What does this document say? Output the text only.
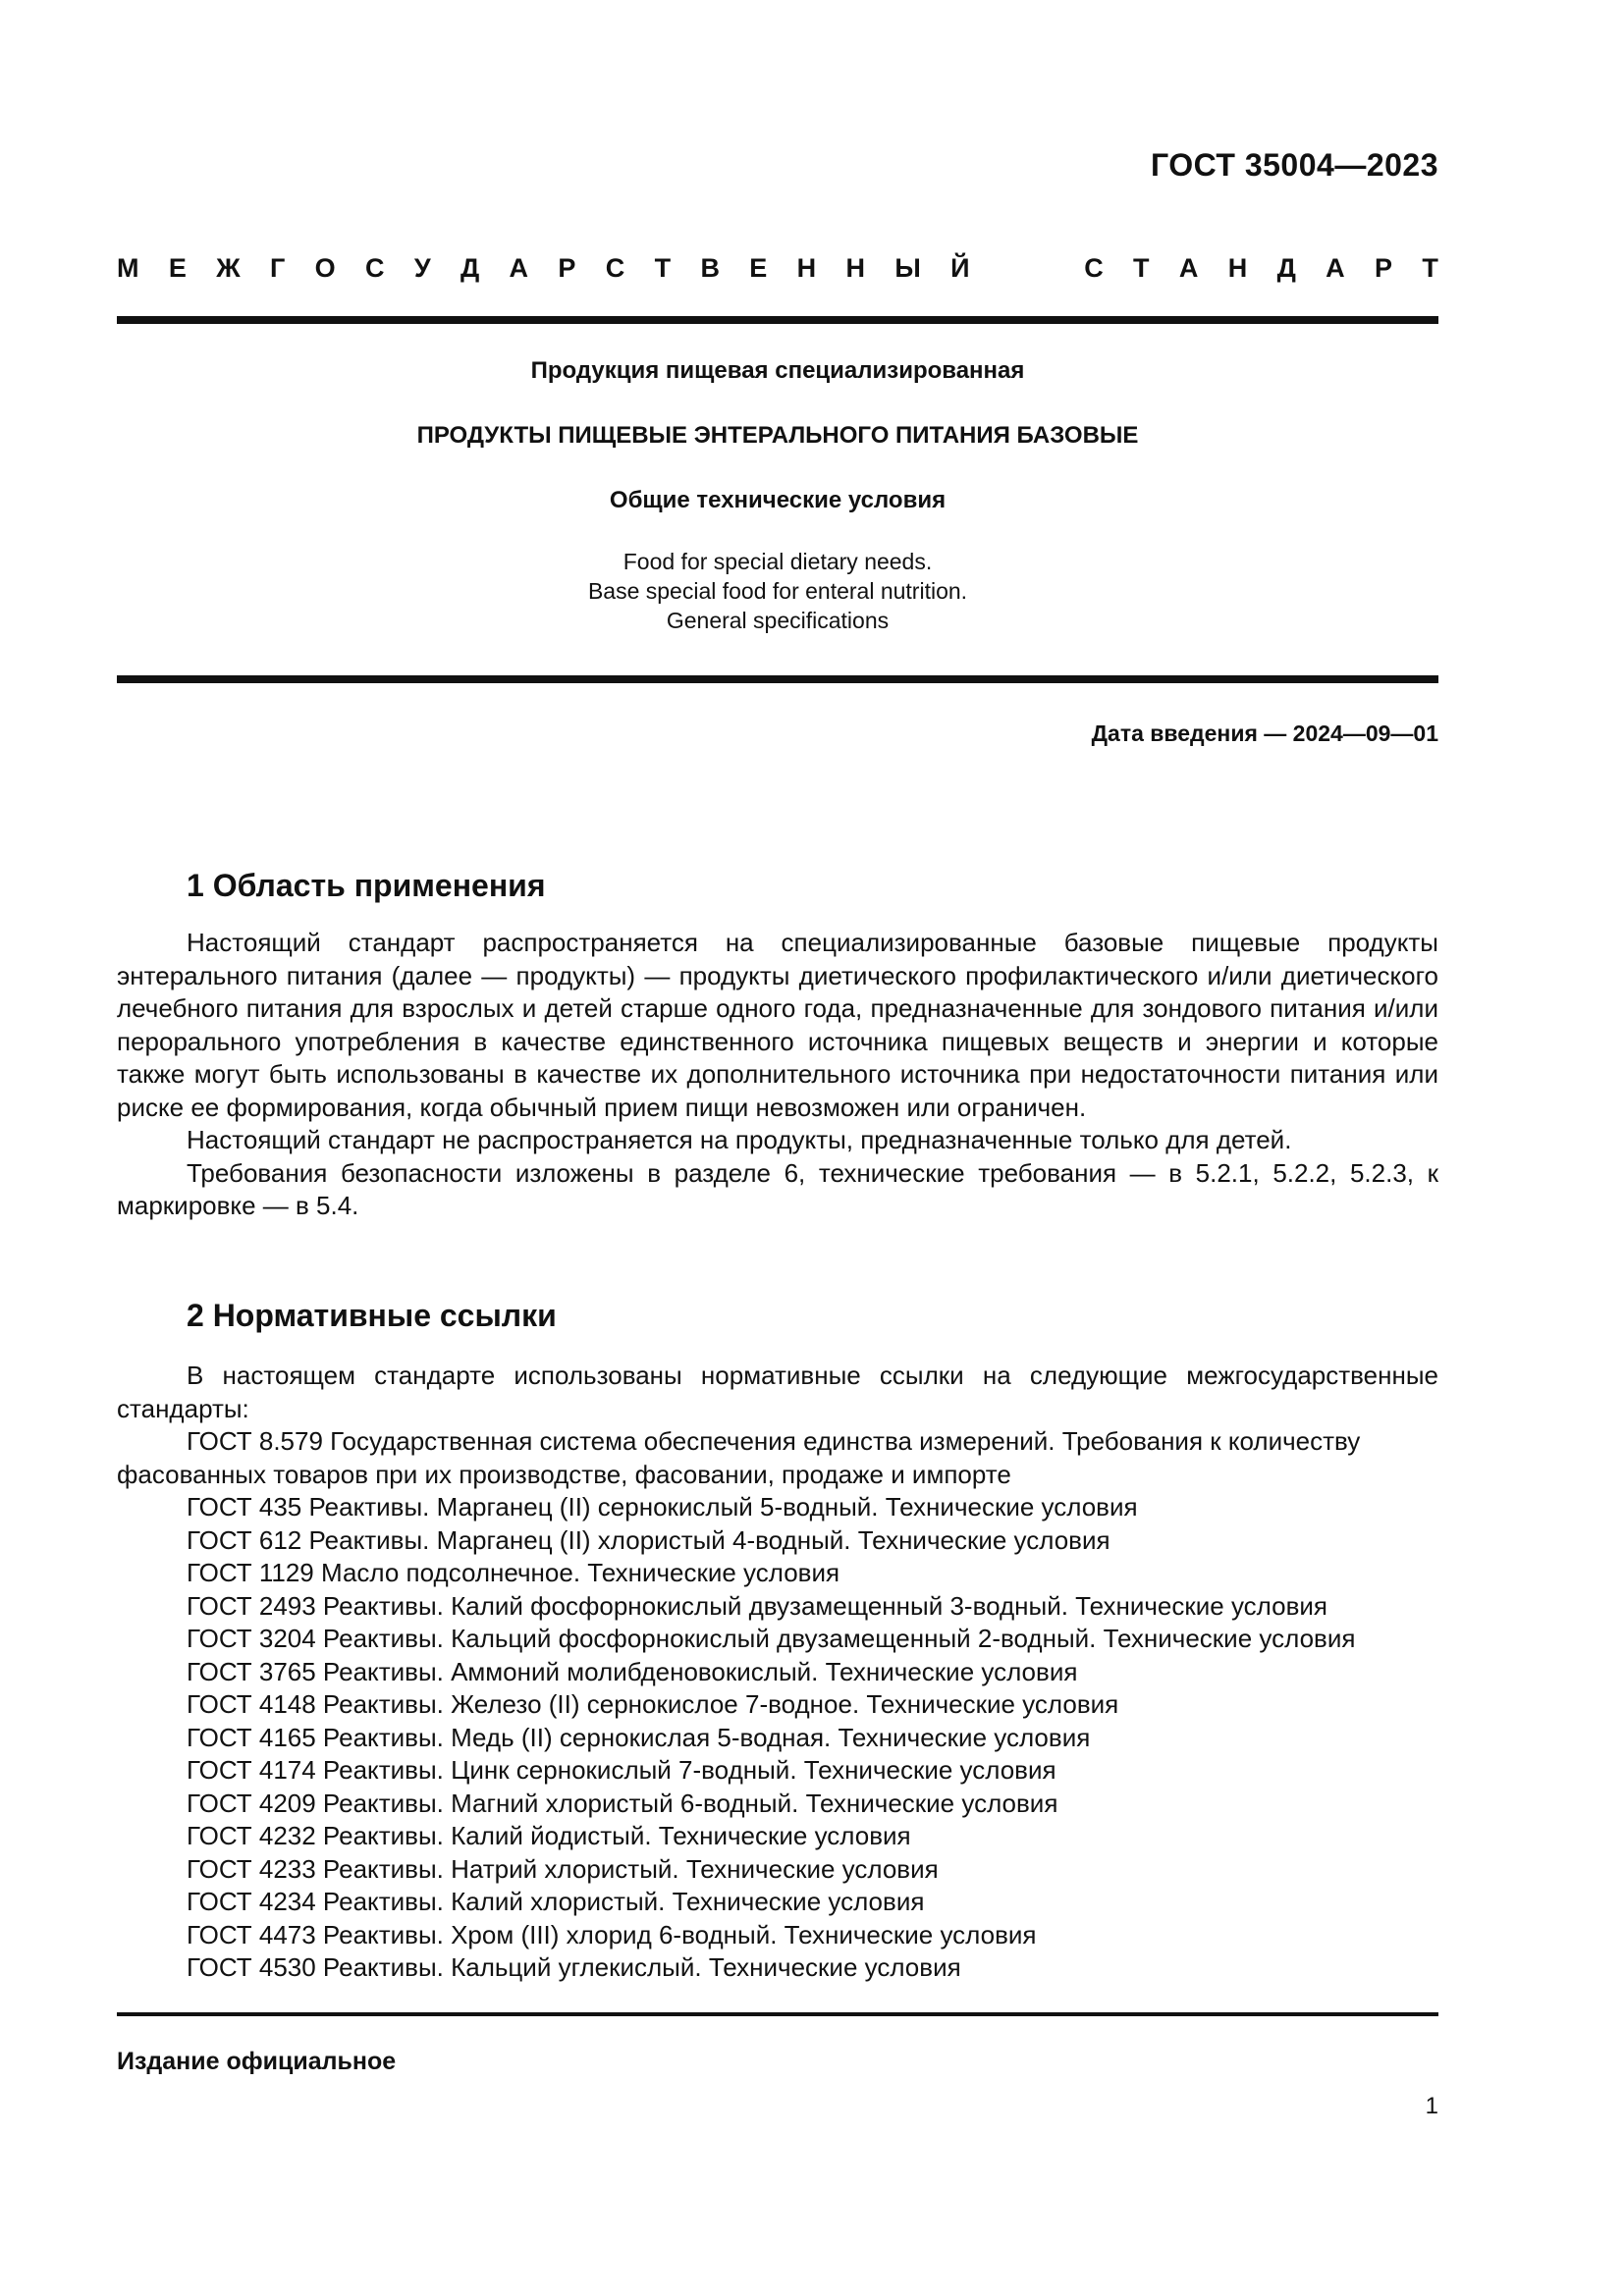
ГОСТ 35004—2023
М Е Ж Г О С У Д А Р С Т В Е Н Н Ы Й	С Т А Н Д А Р Т
Продукция пищевая специализированная
ПРОДУКТЫ ПИЩЕВЫЕ ЭНТЕРАЛЬНОГО ПИТАНИЯ БАЗОВЫЕ
Общие технические условия
Food for special dietary needs.
Base special food for enteral nutrition.
General specifications
Дата введения — 2024—09—01
1 Область применения

Настоящий стандарт распространяется на специализированные базовые пищевые продукты энтерального питания (далее — продукты) — продукты диетического профилактического и/или диетического лечебного питания для взрослых и детей старше одного года, предназначенные для зондового питания и/или перорального употребления в качестве единственного источника пищевых веществ и энергии и которые также могут быть использованы в качестве их дополнительного источника при недостаточности питания или риске ее формирования, когда обычный прием пищи невозможен или ограничен.

Настоящий стандарт не распространяется на продукты, предназначенные только для детей.

Требования безопасности изложены в разделе 6, технические требования — в 5.2.1, 5.2.2, 5.2.3, к маркировке — в 5.4.

2 Нормативные ссылки

В настоящем стандарте использованы нормативные ссылки на следующие межгосударственные стандарты:

ГОСТ 8.579 Государственная система обеспечения единства измерений. Требования к количеству фасованных товаров при их производстве, фасовании, продаже и импорте

ГОСТ 435 Реактивы. Марганец (II) сернокислый 5-водный. Технические условия

ГОСТ 612 Реактивы. Марганец (II) хлористый 4-водный. Технические условия

ГОСТ 1129 Масло подсолнечное. Технические условия

ГОСТ 2493 Реактивы. Калий фосфорнокислый двузамещенный 3-водный. Технические условия

ГОСТ 3204 Реактивы. Кальций фосфорнокислый двузамещенный 2-водный. Технические условия

ГОСТ 3765 Реактивы. Аммоний молибденовокислый. Технические условия

ГОСТ 4148 Реактивы. Железо (II) сернокислое 7-водное. Технические условия

ГОСТ 4165 Реактивы. Медь (II) сернокислая 5-водная. Технические условия

ГОСТ 4174 Реактивы. Цинк сернокислый 7-водный. Технические условия

ГОСТ 4209 Реактивы. Магний хлористый 6-водный. Технические условия

ГОСТ 4232 Реактивы. Калий йодистый. Технические условия

ГОСТ 4233 Реактивы. Натрий хлористый. Технические условия

ГОСТ 4234 Реактивы. Калий хлористый. Технические условия

ГОСТ 4473 Реактивы. Хром (III) хлорид 6-водный. Технические условия

ГОСТ 4530 Реактивы. Кальций углекислый. Технические условия

Издание официальное
1
